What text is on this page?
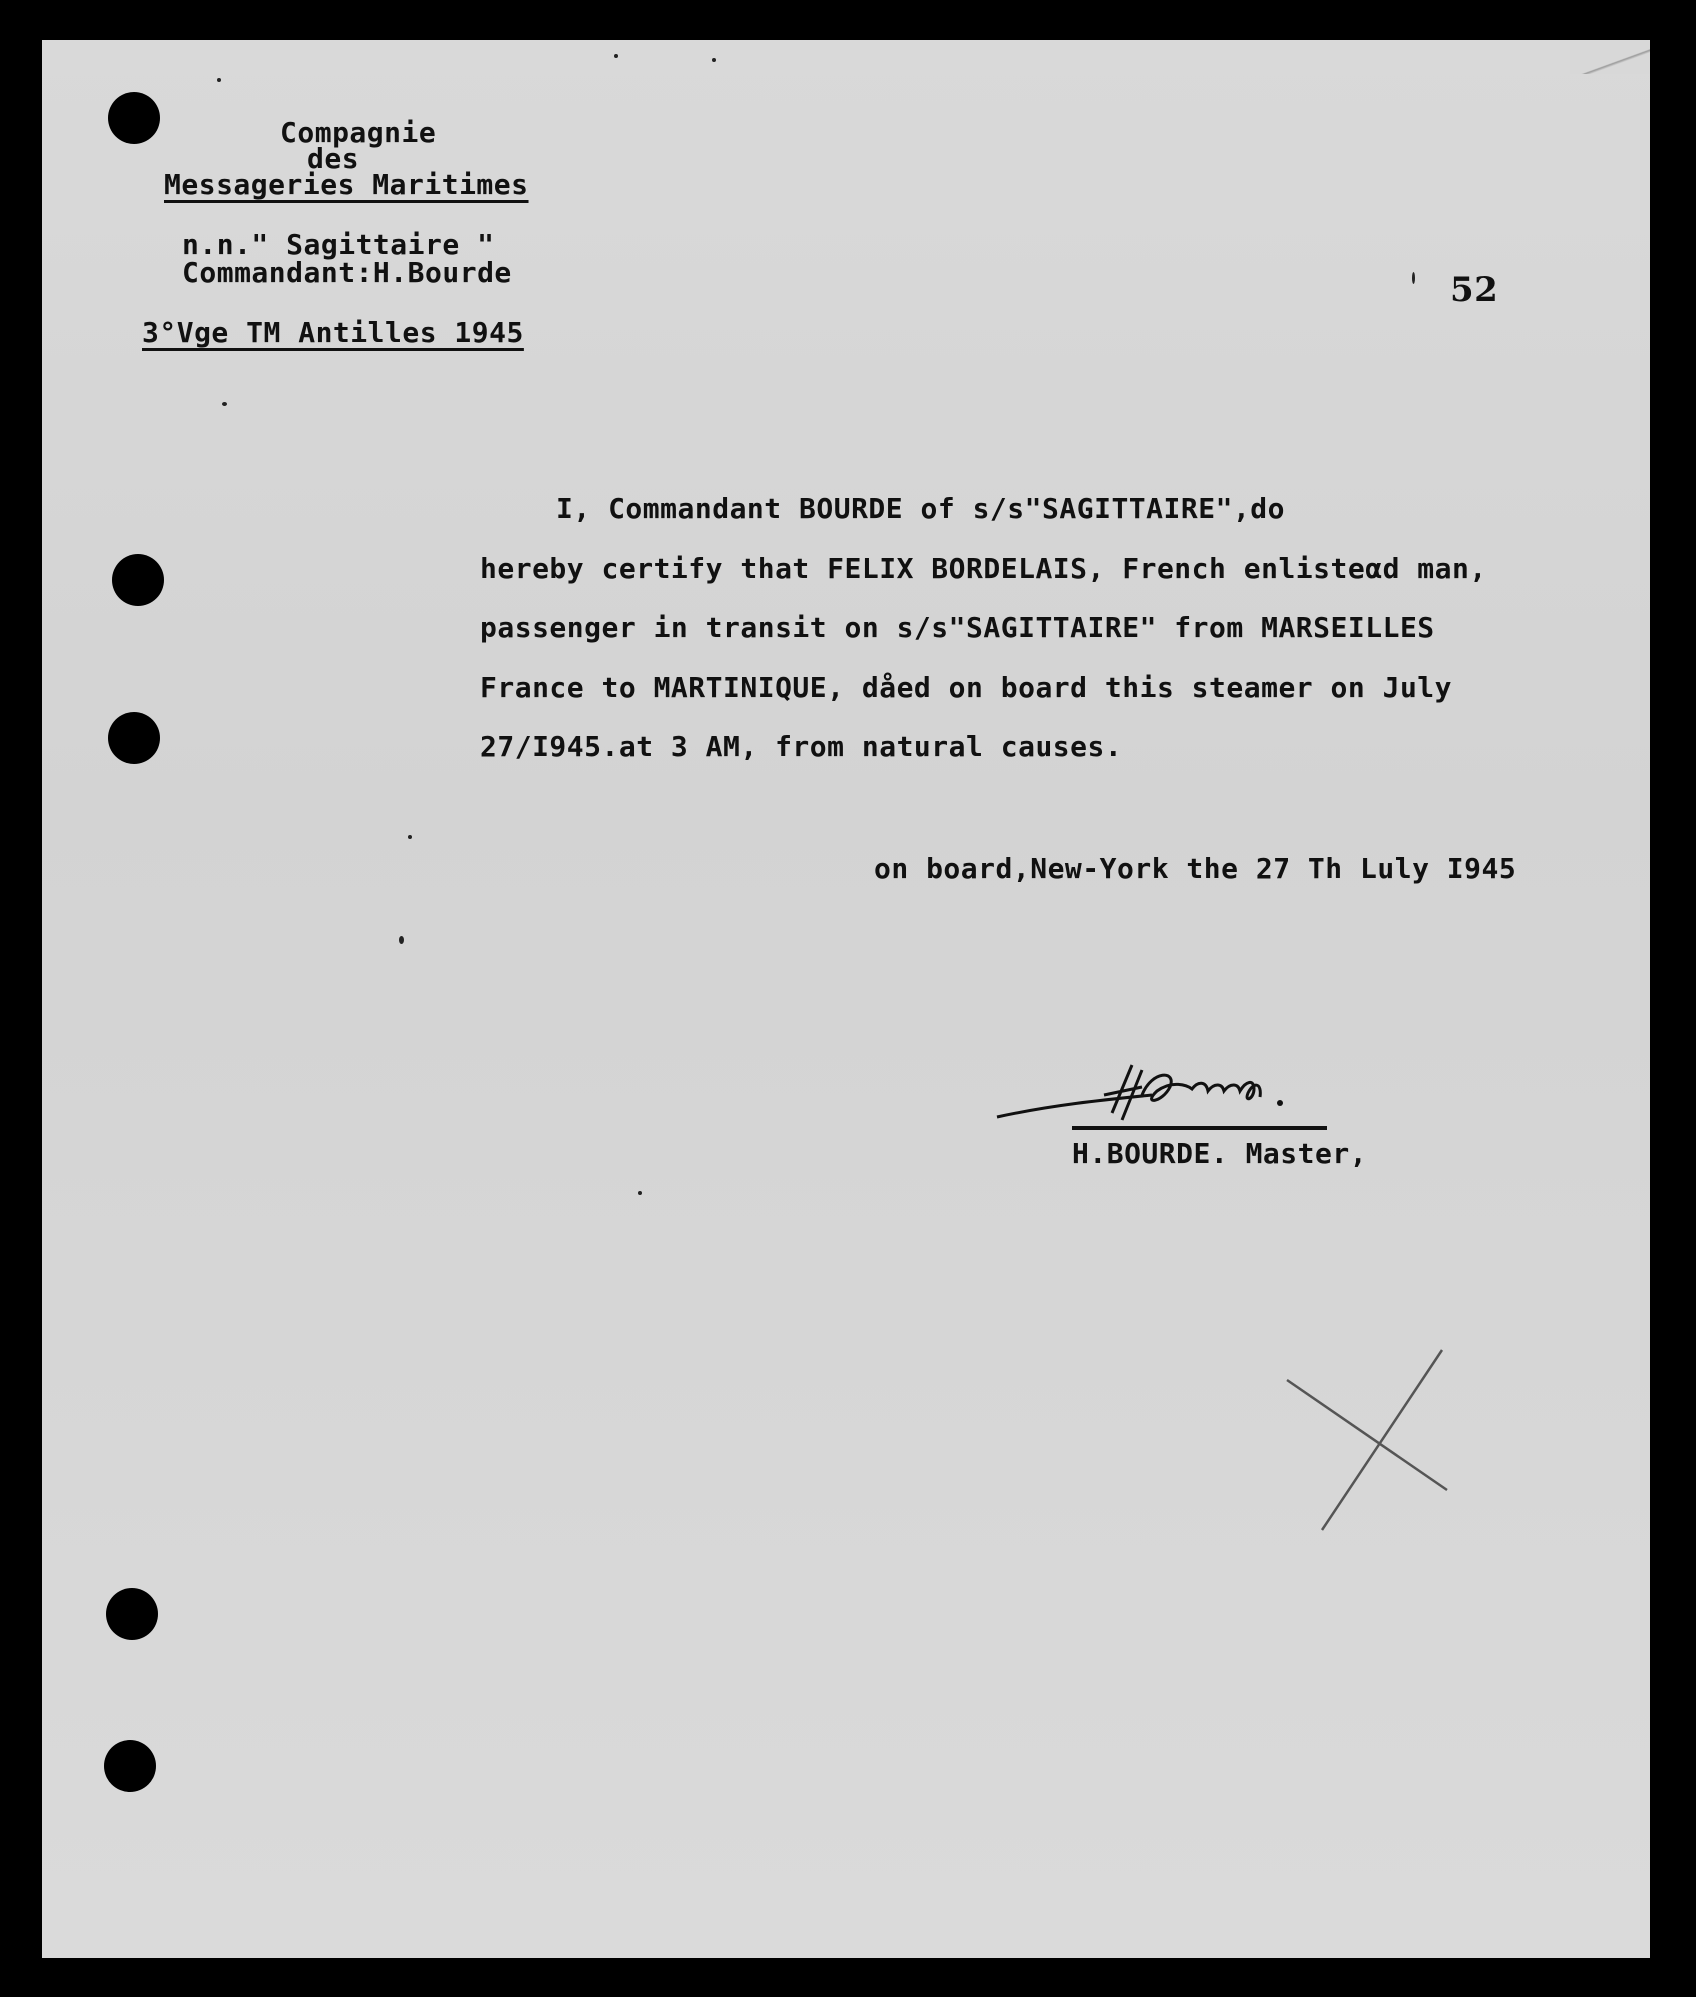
Compagnie
des
Messageries Maritimes
n.n." Sagittaire "
Commandant:H.Bourde
3°Vge TM Antilles 1945
52
I, Commandant BOURDE of s/s"SAGITTAIRE",do
hereby certify that FELIX BORDELAIS, French enlisteαd man,
passenger in transit on s/s"SAGITTAIRE" from MARSEILLES
France to MARTINIQUE, dåed on board this steamer on July
27/I945.at 3 AM, from natural causes.
on board,New-York the 27 Th Luly I945
H.BOURDE. Master,
